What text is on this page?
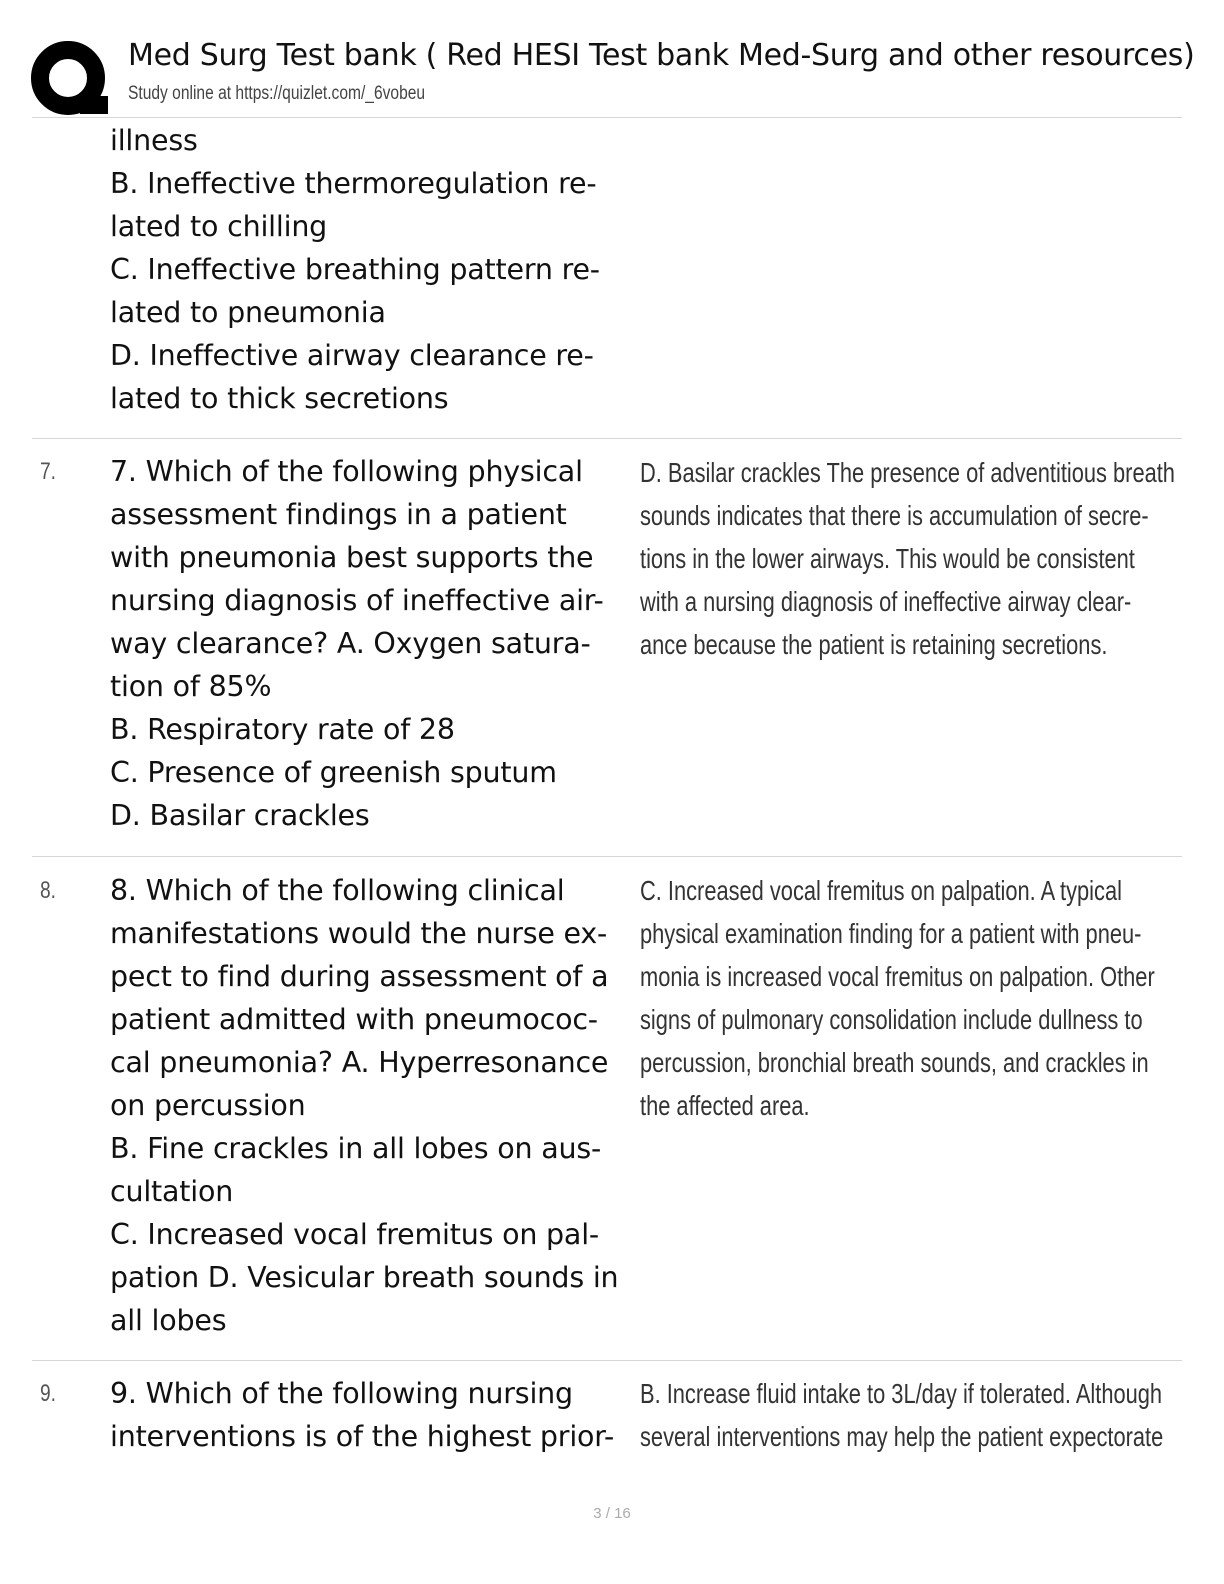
Med Surg Test bank ( Red HESI Test bank Med-Surg and other resources)
Study online at https://quizlet.com/_6vobeu
illness
B. Ineffective thermoregulation re-
lated to chilling
C. Ineffective breathing pattern re-
lated to pneumonia
D. Ineffective airway clearance re-
lated to thick secretions
7. 7. Which of the following physical
assessment findings in a patient
with pneumonia best supports the
nursing diagnosis of ineffective air-
way clearance? A. Oxygen satura-
tion of 85%
B. Respiratory rate of 28
C. Presence of greenish sputum
D. Basilar crackles
D. Basilar crackles The presence of adventitious breath
sounds indicates that there is accumulation of secre-
tions in the lower airways. This would be consistent
with a nursing diagnosis of ineffective airway clear-
ance because the patient is retaining secretions.
8. 8. Which of the following clinical
manifestations would the nurse ex-
pect to find during assessment of a
patient admitted with pneumococ-
cal pneumonia? A. Hyperresonance
on percussion
B. Fine crackles in all lobes on aus-
cultation
C. Increased vocal fremitus on pal-
pation D. Vesicular breath sounds in
all lobes
C. Increased vocal fremitus on palpation. A typical
physical examination finding for a patient with pneu-
monia is increased vocal fremitus on palpation. Other
signs of pulmonary consolidation include dullness to
percussion, bronchial breath sounds, and crackles in
the affected area.
9. 9. Which of the following nursing
interventions is of the highest prior-
B. Increase fluid intake to 3L/day if tolerated. Although
several interventions may help the patient expectorate
3 / 16
